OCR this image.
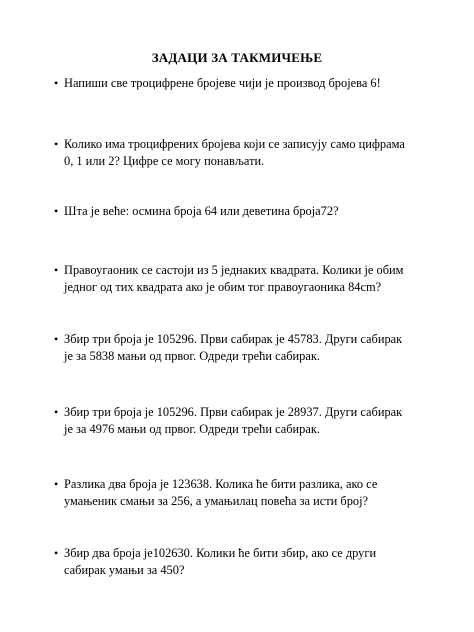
ЗАДАЦИ ЗА ТАКМИЧЕЊЕ
• Напиши све троцифрене бројеве чији је производ бројева 6!
• Колико има троцифрених бројева који се записују само цифрама 0, 1 или 2? Цифре се могу понављати.
• Шта је веће: осмина броја 64 или деветина броја72?
• Правоугаоник се састоји из 5 једнаких квадрата. Колики је обим једног од тих квадрата ако је обим тог правоугаоника 84cm?
• Збир три броја је 105296. Први сабирак је 45783. Други сабирак је за 5838 мањи од првог. Одреди трећи сабирак.
• Збир три броја је 105296. Први сабирак је 28937. Други сабирак је за 4976 мањи од првог. Одреди трећи сабирак.
• Разлика два броја је 123638. Колика ће бити разлика, ако се умањеник смањи за 256, а умањилац повећа за исти број?
• Збир два броја је102630. Колики ће бити збир, ако се други сабирак умањи за 450?
